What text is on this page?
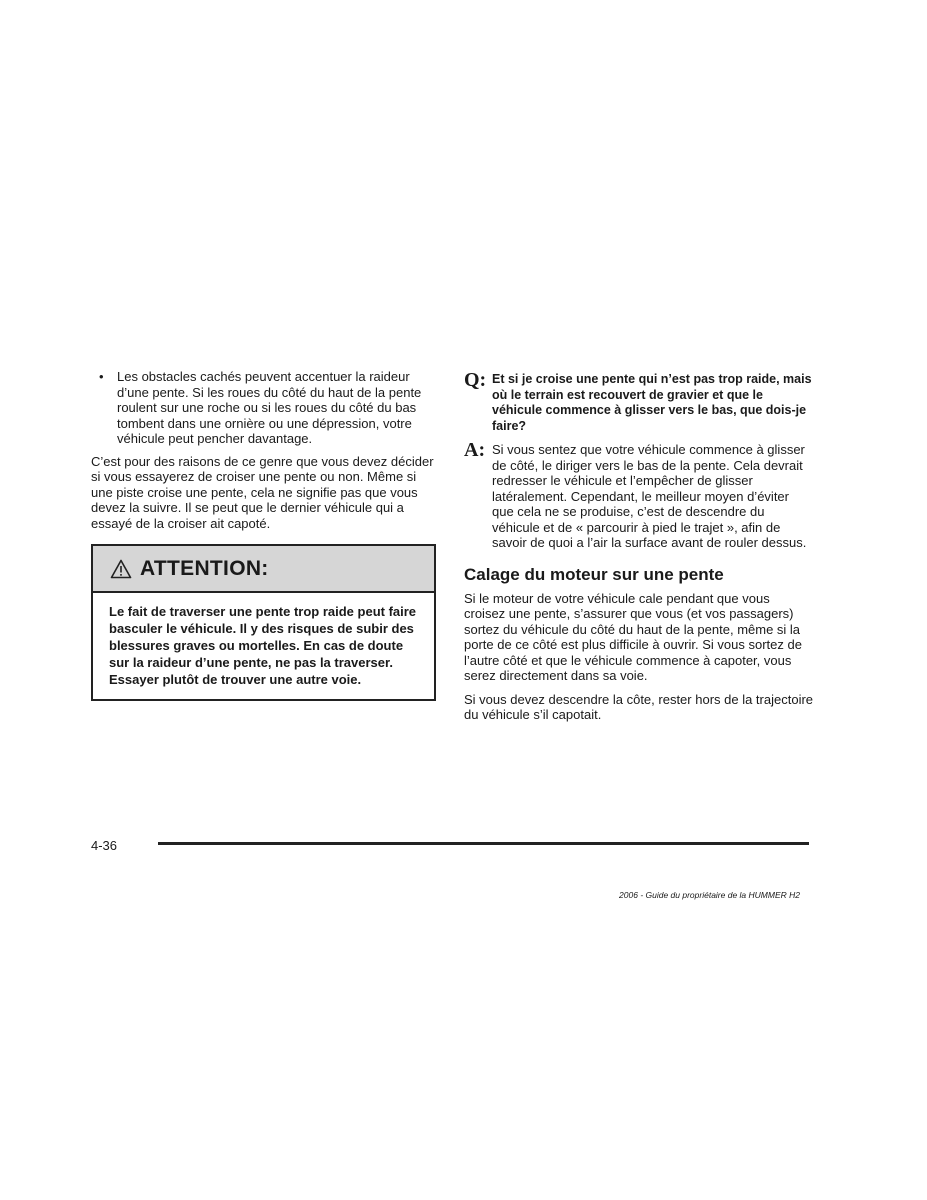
•	Les obstacles cachés peuvent accentuer la raideur d’une pente. Si les roues du côté du haut de la pente roulent sur une roche ou si les roues du côté du bas tombent dans une ornière ou une dépression, votre véhicule peut pencher davantage.

C’est pour des raisons de ce genre que vous devez décider si vous essayerez de croiser une pente ou non. Même si une piste croise une pente, cela ne signifie pas que vous devez la suivre. Il se peut que le dernier véhicule qui a essayé de la croiser ait capoté.

ATTENTION:
Le fait de traverser une pente trop raide peut faire basculer le véhicule. Il y des risques de subir des blessures graves ou mortelles. En cas de doute sur la raideur d’une pente, ne pas la traverser. Essayer plutôt de trouver une autre voie.
Q: Et si je croise une pente qui n’est pas trop raide, mais où le terrain est recouvert de gravier et que le véhicule commence à glisser vers le bas, que dois-je faire?
A: Si vous sentez que votre véhicule commence à glisser de côté, le diriger vers le bas de la pente. Cela devrait redresser le véhicule et l’empêcher de glisser latéralement. Cependant, le meilleur moyen d’éviter que cela ne se produise, c’est de descendre du véhicule et de « parcourir à pied le trajet », afin de savoir de quoi a l’air la surface avant de rouler dessus.
Calage du moteur sur une pente

Si le moteur de votre véhicule cale pendant que vous croisez une pente, s’assurer que vous (et vos passagers) sortez du véhicule du côté du haut de la pente, même si la porte de ce côté est plus difficile à ouvrir. Si vous sortez de l’autre côté et que le véhicule commence à capoter, vous serez directement dans sa voie.

Si vous devez descendre la côte, rester hors de la trajectoire du véhicule s’il capotait.

4-36
2006 - Guide du propriétaire de la HUMMER H2
